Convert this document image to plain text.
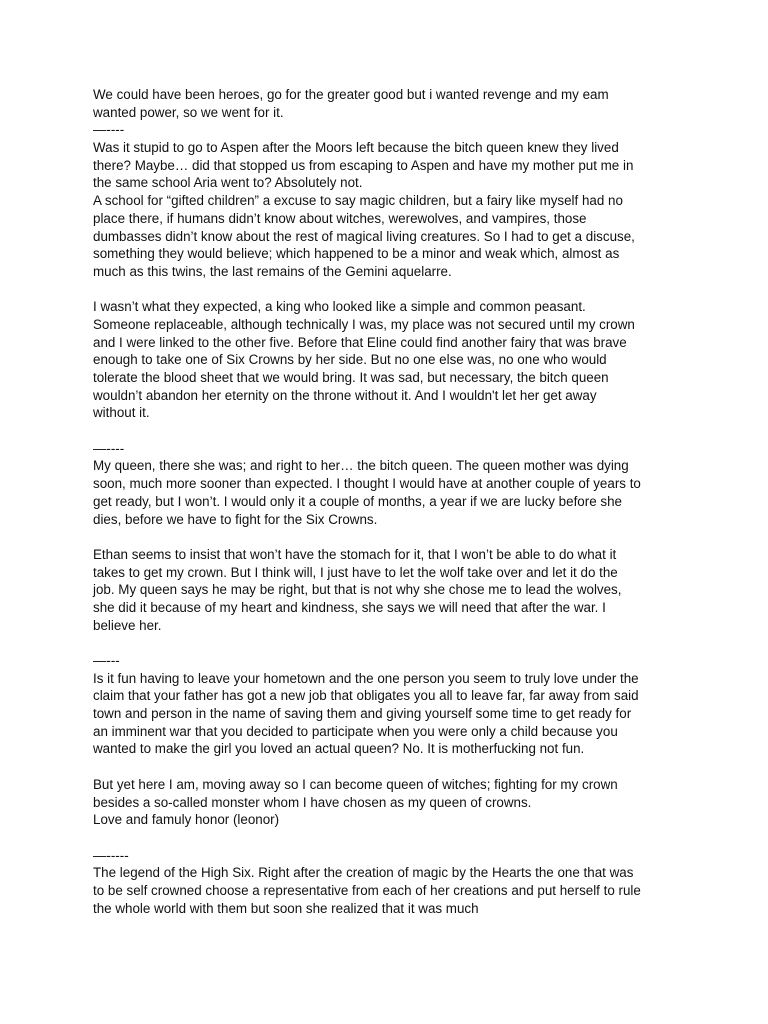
We could have been heroes, go for the greater good but i wanted revenge and my eam
wanted power, so we went for it.
—----
Was it stupid to go to Aspen after the Moors left because the bitch queen knew they lived
there? Maybe… did that stopped us from escaping to Aspen and have my mother put me in
the same school Aria went to? Absolutely not.
A school for “gifted children” a excuse to say magic children, but a fairy like myself had no
place there, if humans didn’t know about witches, werewolves, and vampires, those
dumbasses didn’t know about the rest of magical living creatures. So I had to get a discuse,
something they would believe; which happened to be a minor and weak which, almost as
much as this twins, the last remains of the Gemini aquelarre.
I wasn’t what they expected, a king who looked like a simple and common peasant.
Someone replaceable, although technically I was, my place was not secured until my crown
and I were linked to the other five. Before that Eline could find another fairy that was brave
enough to take one of Six Crowns by her side. But no one else was, no one who would
tolerate the blood sheet that we would bring. It was sad, but necessary, the bitch queen
wouldn’t abandon her eternity on the throne without it. And I wouldn't let her get away
without it.
—----
My queen, there she was; and right to her… the bitch queen. The queen mother was dying
soon, much more sooner than expected. I thought I would have at another couple of years to
get ready, but I won’t. I would only it a couple of months, a year if we are lucky before she
dies, before we have to fight for the Six Crowns.
Ethan seems to insist that won’t have the stomach for it, that I won’t be able to do what it
takes to get my crown. But I think will, I just have to let the wolf take over and let it do the
job. My queen says he may be right, but that is not why she chose me to lead the wolves,
she did it because of my heart and kindness, she says we will need that after the war. I
believe her.
—---
Is it fun having to leave your hometown and the one person you seem to truly love under the
claim that your father has got a new job that obligates you all to leave far, far away from said
town and person in the name of saving them and giving yourself some time to get ready for
an imminent war that you decided to participate when you were only a child because you
wanted to make the girl you loved an actual queen? No. It is motherfucking not fun.
But yet here I am, moving away so I can become queen of witches; fighting for my crown
besides a so-called monster whom I have chosen as my queen of crowns.
Love and famuly honor (leonor)
—-----
The legend of the High Six. Right after the creation of magic by the Hearts the one that was
to be self crowned choose a representative from each of her creations and put herself to rule
the whole world with them but soon she realized that it was much
